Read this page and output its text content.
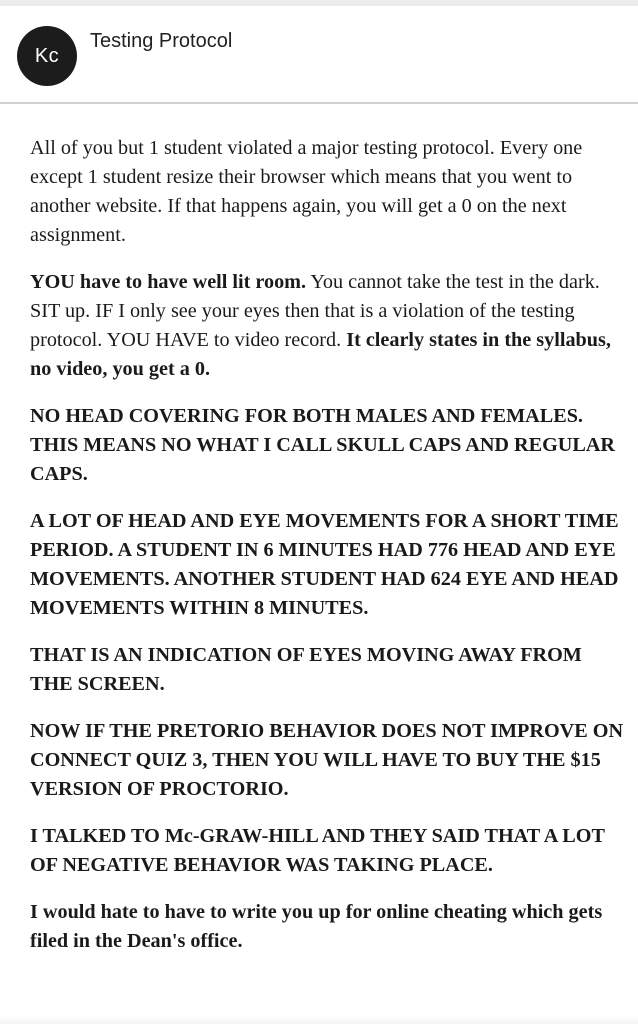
Kc
Testing Protocol

All of you but 1 student violated a major testing protocol. Every one except 1 student resize their browser which means that you went to another website. If that happens again, you will get a 0 on the next assignment.

YOU have to have well lit room. You cannot take the test in the dark. SIT up. IF I only see your eyes then that is a violation of the testing protocol. YOU HAVE to video record. It clearly states in the syllabus, no video, you get a 0.

NO HEAD COVERING FOR BOTH MALES AND FEMALES. THIS MEANS NO WHAT I CALL SKULL CAPS AND REGULAR CAPS.

A LOT OF HEAD AND EYE MOVEMENTS FOR A SHORT TIME PERIOD. A STUDENT IN 6 MINUTES HAD 776 HEAD AND EYE MOVEMENTS. ANOTHER STUDENT HAD 624 EYE AND HEAD MOVEMENTS WITHIN 8 MINUTES.

THAT IS AN INDICATION OF EYES MOVING AWAY FROM THE SCREEN.

NOW IF THE PRETORIO BEHAVIOR DOES NOT IMPROVE ON CONNECT QUIZ 3, THEN YOU WILL HAVE TO BUY THE $15 VERSION OF PROCTORIO.

I TALKED TO Mc-GRAW-HILL AND THEY SAID THAT A LOT OF NEGATIVE BEHAVIOR WAS TAKING PLACE.

I would hate to have to write you up for online cheating which gets filed in the Dean's office.
